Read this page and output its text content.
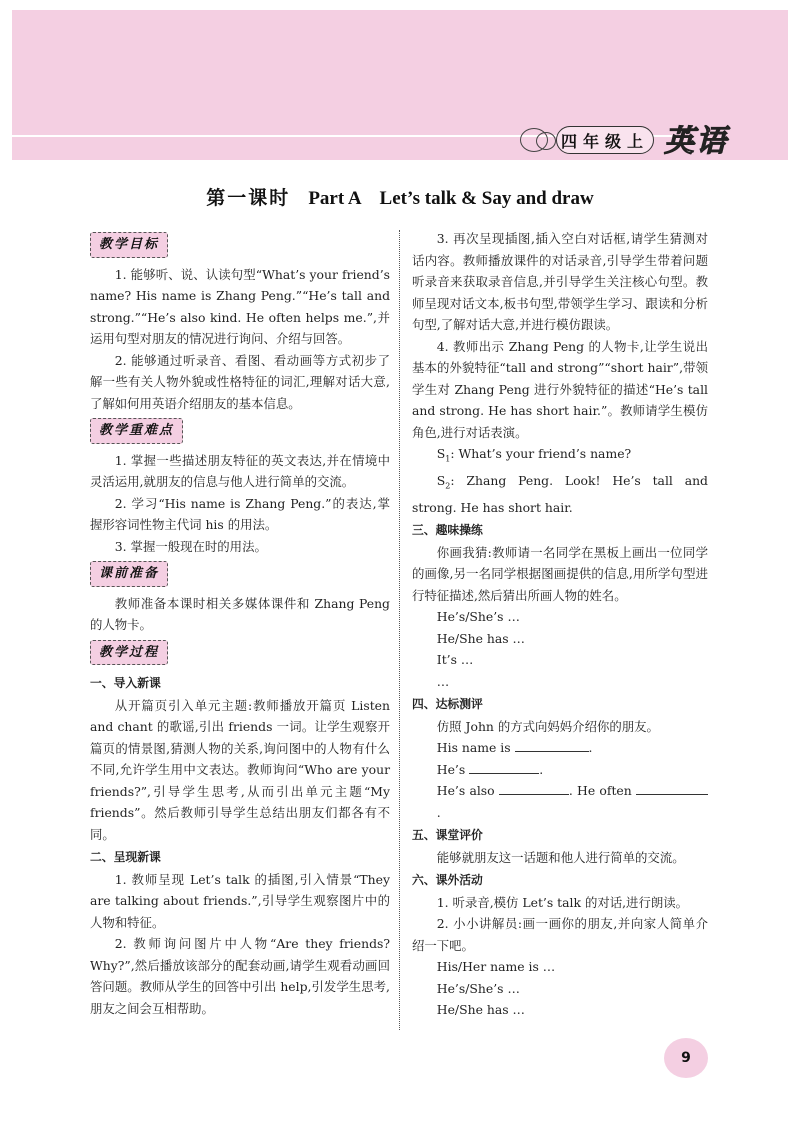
四年级上 英语
第一课时 Part A    Let’s talk & Say and draw
教学目标

1. 能够听、说、认读句型“What’s your friend’s name? His name is Zhang Peng.”“He’s tall and strong.”“He’s also kind. He often helps me.”,并运用句型对朋友的情况进行询问、介绍与回答。

2. 能够通过听录音、看图、看动画等方式初步了解一些有关人物外貌或性格特征的词汇,理解对话大意,了解如何用英语介绍朋友的基本信息。

教学重难点

1. 掌握一些描述朋友特征的英文表达,并在情境中灵活运用,就朋友的信息与他人进行简单的交流。

2. 学习“His name is Zhang Peng.”的表达,掌握形容词性物主代词 his 的用法。

3. 掌握一般现在时的用法。

课前准备

教师准备本课时相关多媒体课件和 Zhang Peng 的人物卡。

教学过程

一、导入新课

从开篇页引入单元主题:教师播放开篇页 Listen and chant 的歌谣,引出 friends 一词。让学生观察开篇页的情景图,猜测人物的关系,询问图中的人物有什么不同,允许学生用中文表达。教师询问“Who are your friends?”,引导学生思考,从而引出单元主题“My friends”。然后教师引导学生总结出朋友们都各有不同。

二、呈现新课

1. 教师呈现 Let’s talk 的插图,引入情景“They are talking about friends.”,引导学生观察图片中的人物和特征。

2. 教师询问图片中人物“Are they friends? Why?”,然后播放该部分的配套动画,请学生观看动画回答问题。教师从学生的回答中引出 help,引发学生思考,朋友之间会互相帮助。

3. 再次呈现插图,插入空白对话框,请学生猜测对话内容。教师播放课件的对话录音,引导学生带着问题听录音来获取录音信息,并引导学生关注核心句型。教师呈现对话文本,板书句型,带领学生学习、跟读和分析句型,了解对话大意,并进行模仿跟读。

4. 教师出示 Zhang Peng 的人物卡,让学生说出基本的外貌特征“tall and strong”“short hair”,带领学生对 Zhang Peng 进行外貌特征的描述“He’s tall and strong. He has short hair.”。教师请学生模仿角色,进行对话表演。

$S_1$: What’s your friend’s name?

$S_2$: Zhang Peng. Look! He’s tall and strong. He has short hair.

三、趣味操练

你画我猜:教师请一名同学在黑板上画出一位同学的画像,另一名同学根据图画提供的信息,用所学句型进行特征描述,然后猜出所画人物的姓名。

He’s/She’s …

He/She has …

It’s …

…

四、达标测评

仿照 John 的方式向妈妈介绍你的朋友。

His name is	.

He’s	.

He’s also	. He often .

五、课堂评价

能够就朋友这一话题和他人进行简单的交流。

六、课外活动

1. 听录音,模仿 Let’s talk 的对话,进行朗读。

2. 小小讲解员:画一画你的朋友,并向家人简单介绍一下吧。

His/Her name is …

He’s/She’s …

He/She has …

9
